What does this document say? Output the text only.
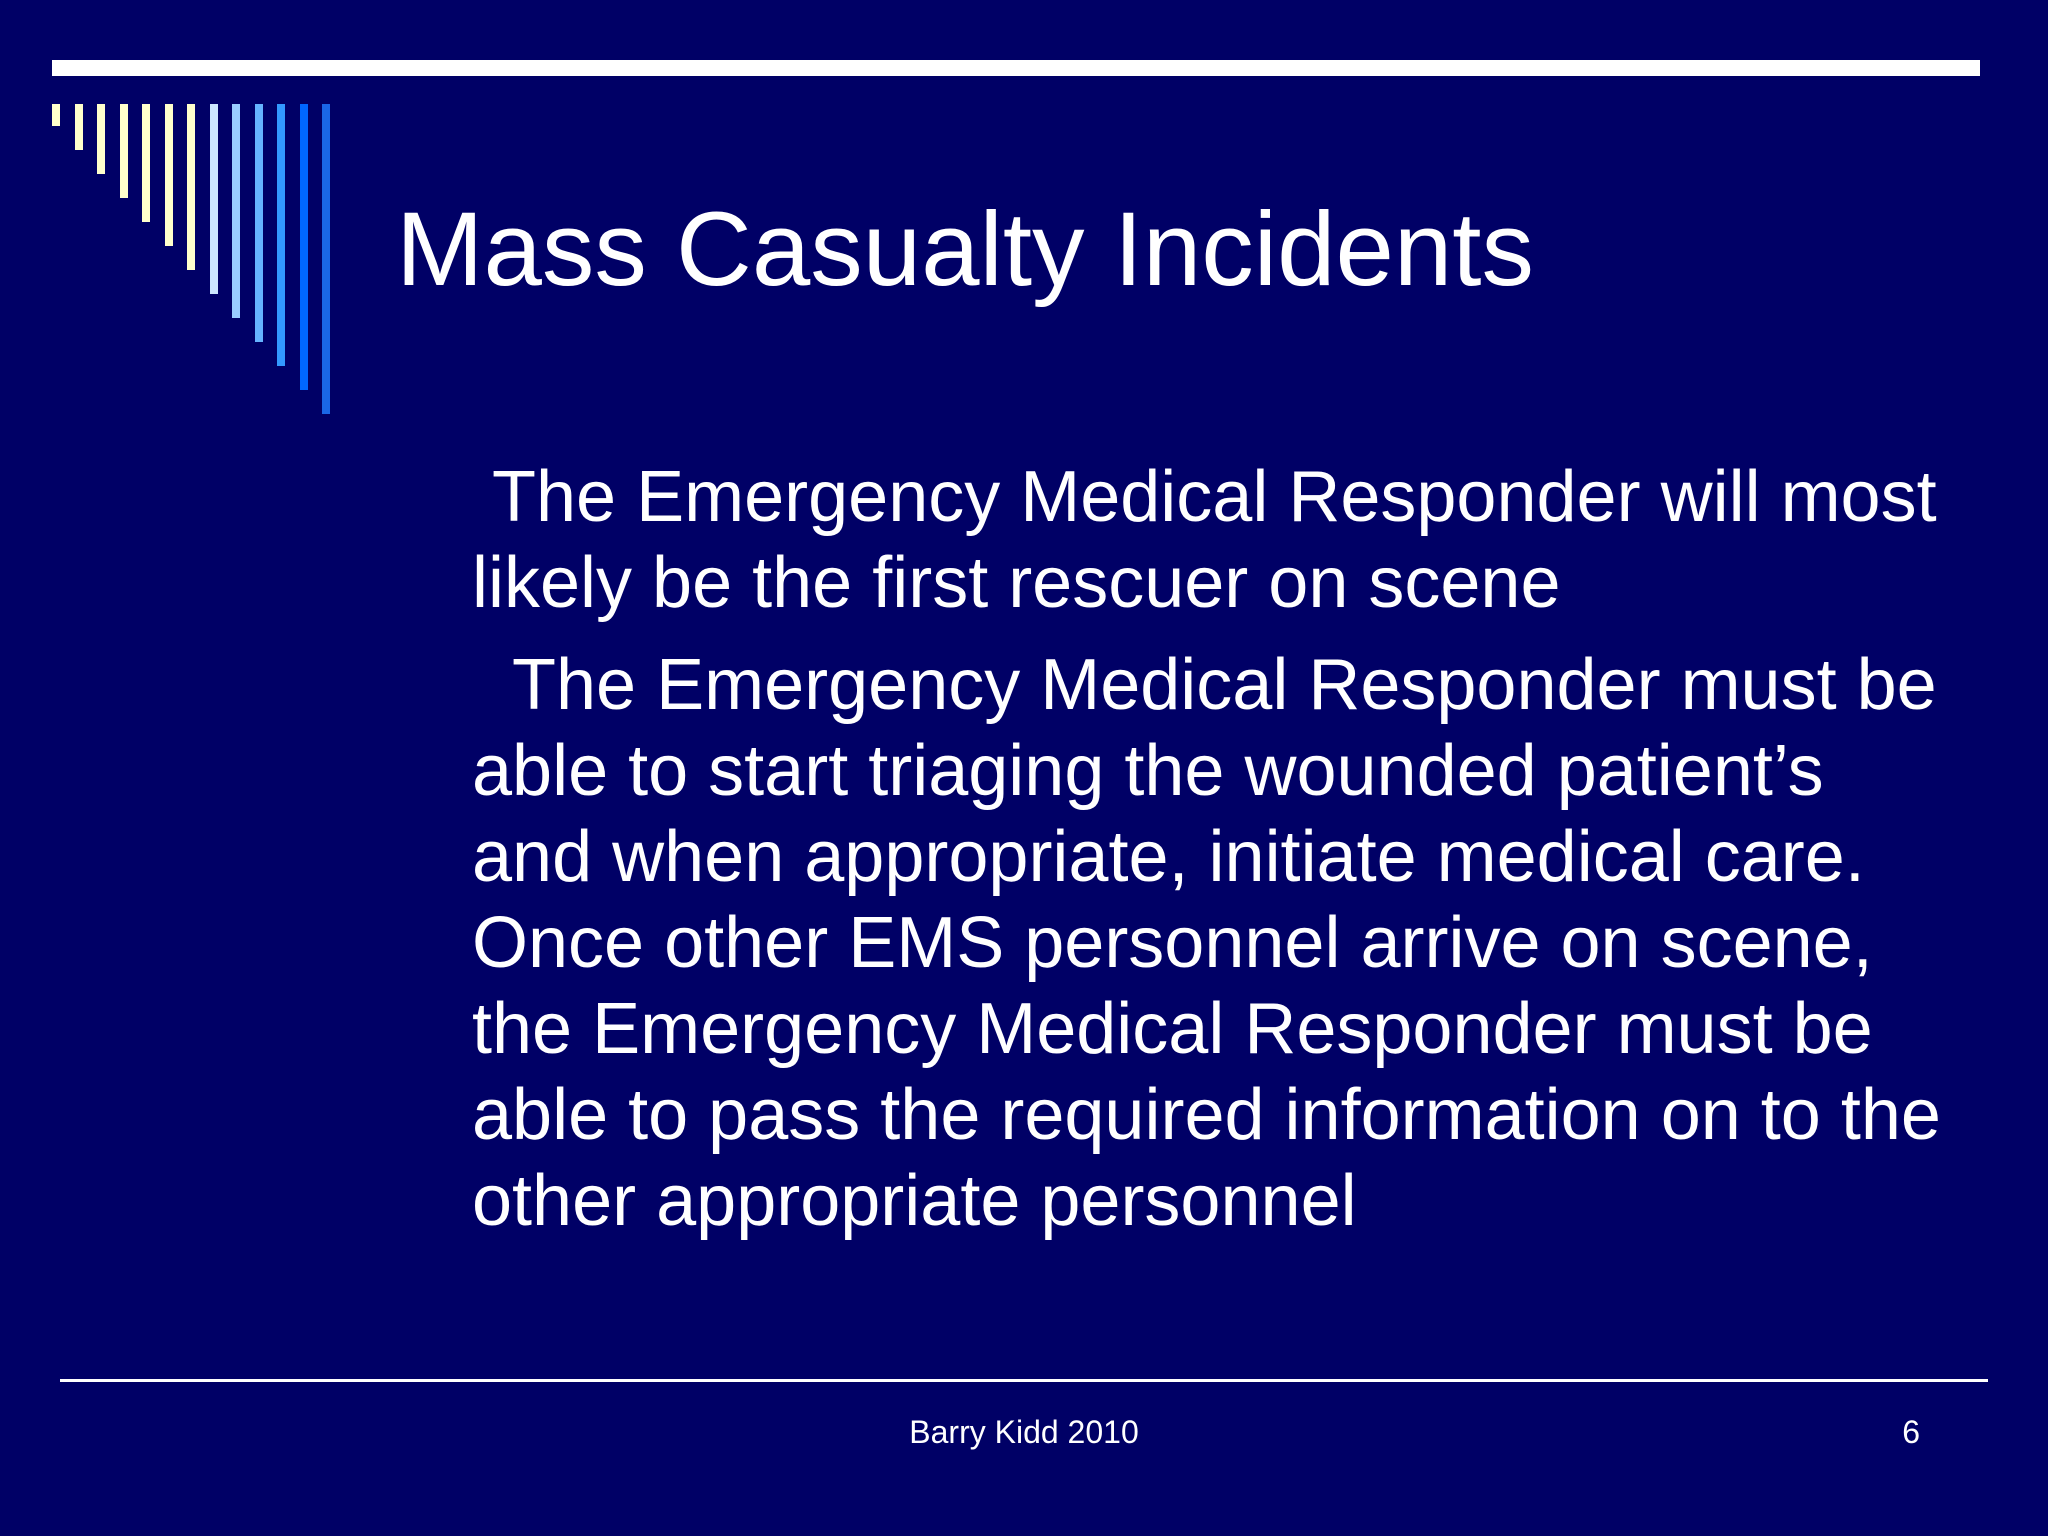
Mass Casualty Incidents

The Emergency Medical Responder will most likely be the first rescuer on scene

The Emergency Medical Responder must be able to start triaging the wounded patient’s and when appropriate, initiate medical care.  Once other EMS personnel arrive on scene, the Emergency Medical Responder must be able to pass the required information on to the other appropriate personnel

Barry Kidd 2010	6
